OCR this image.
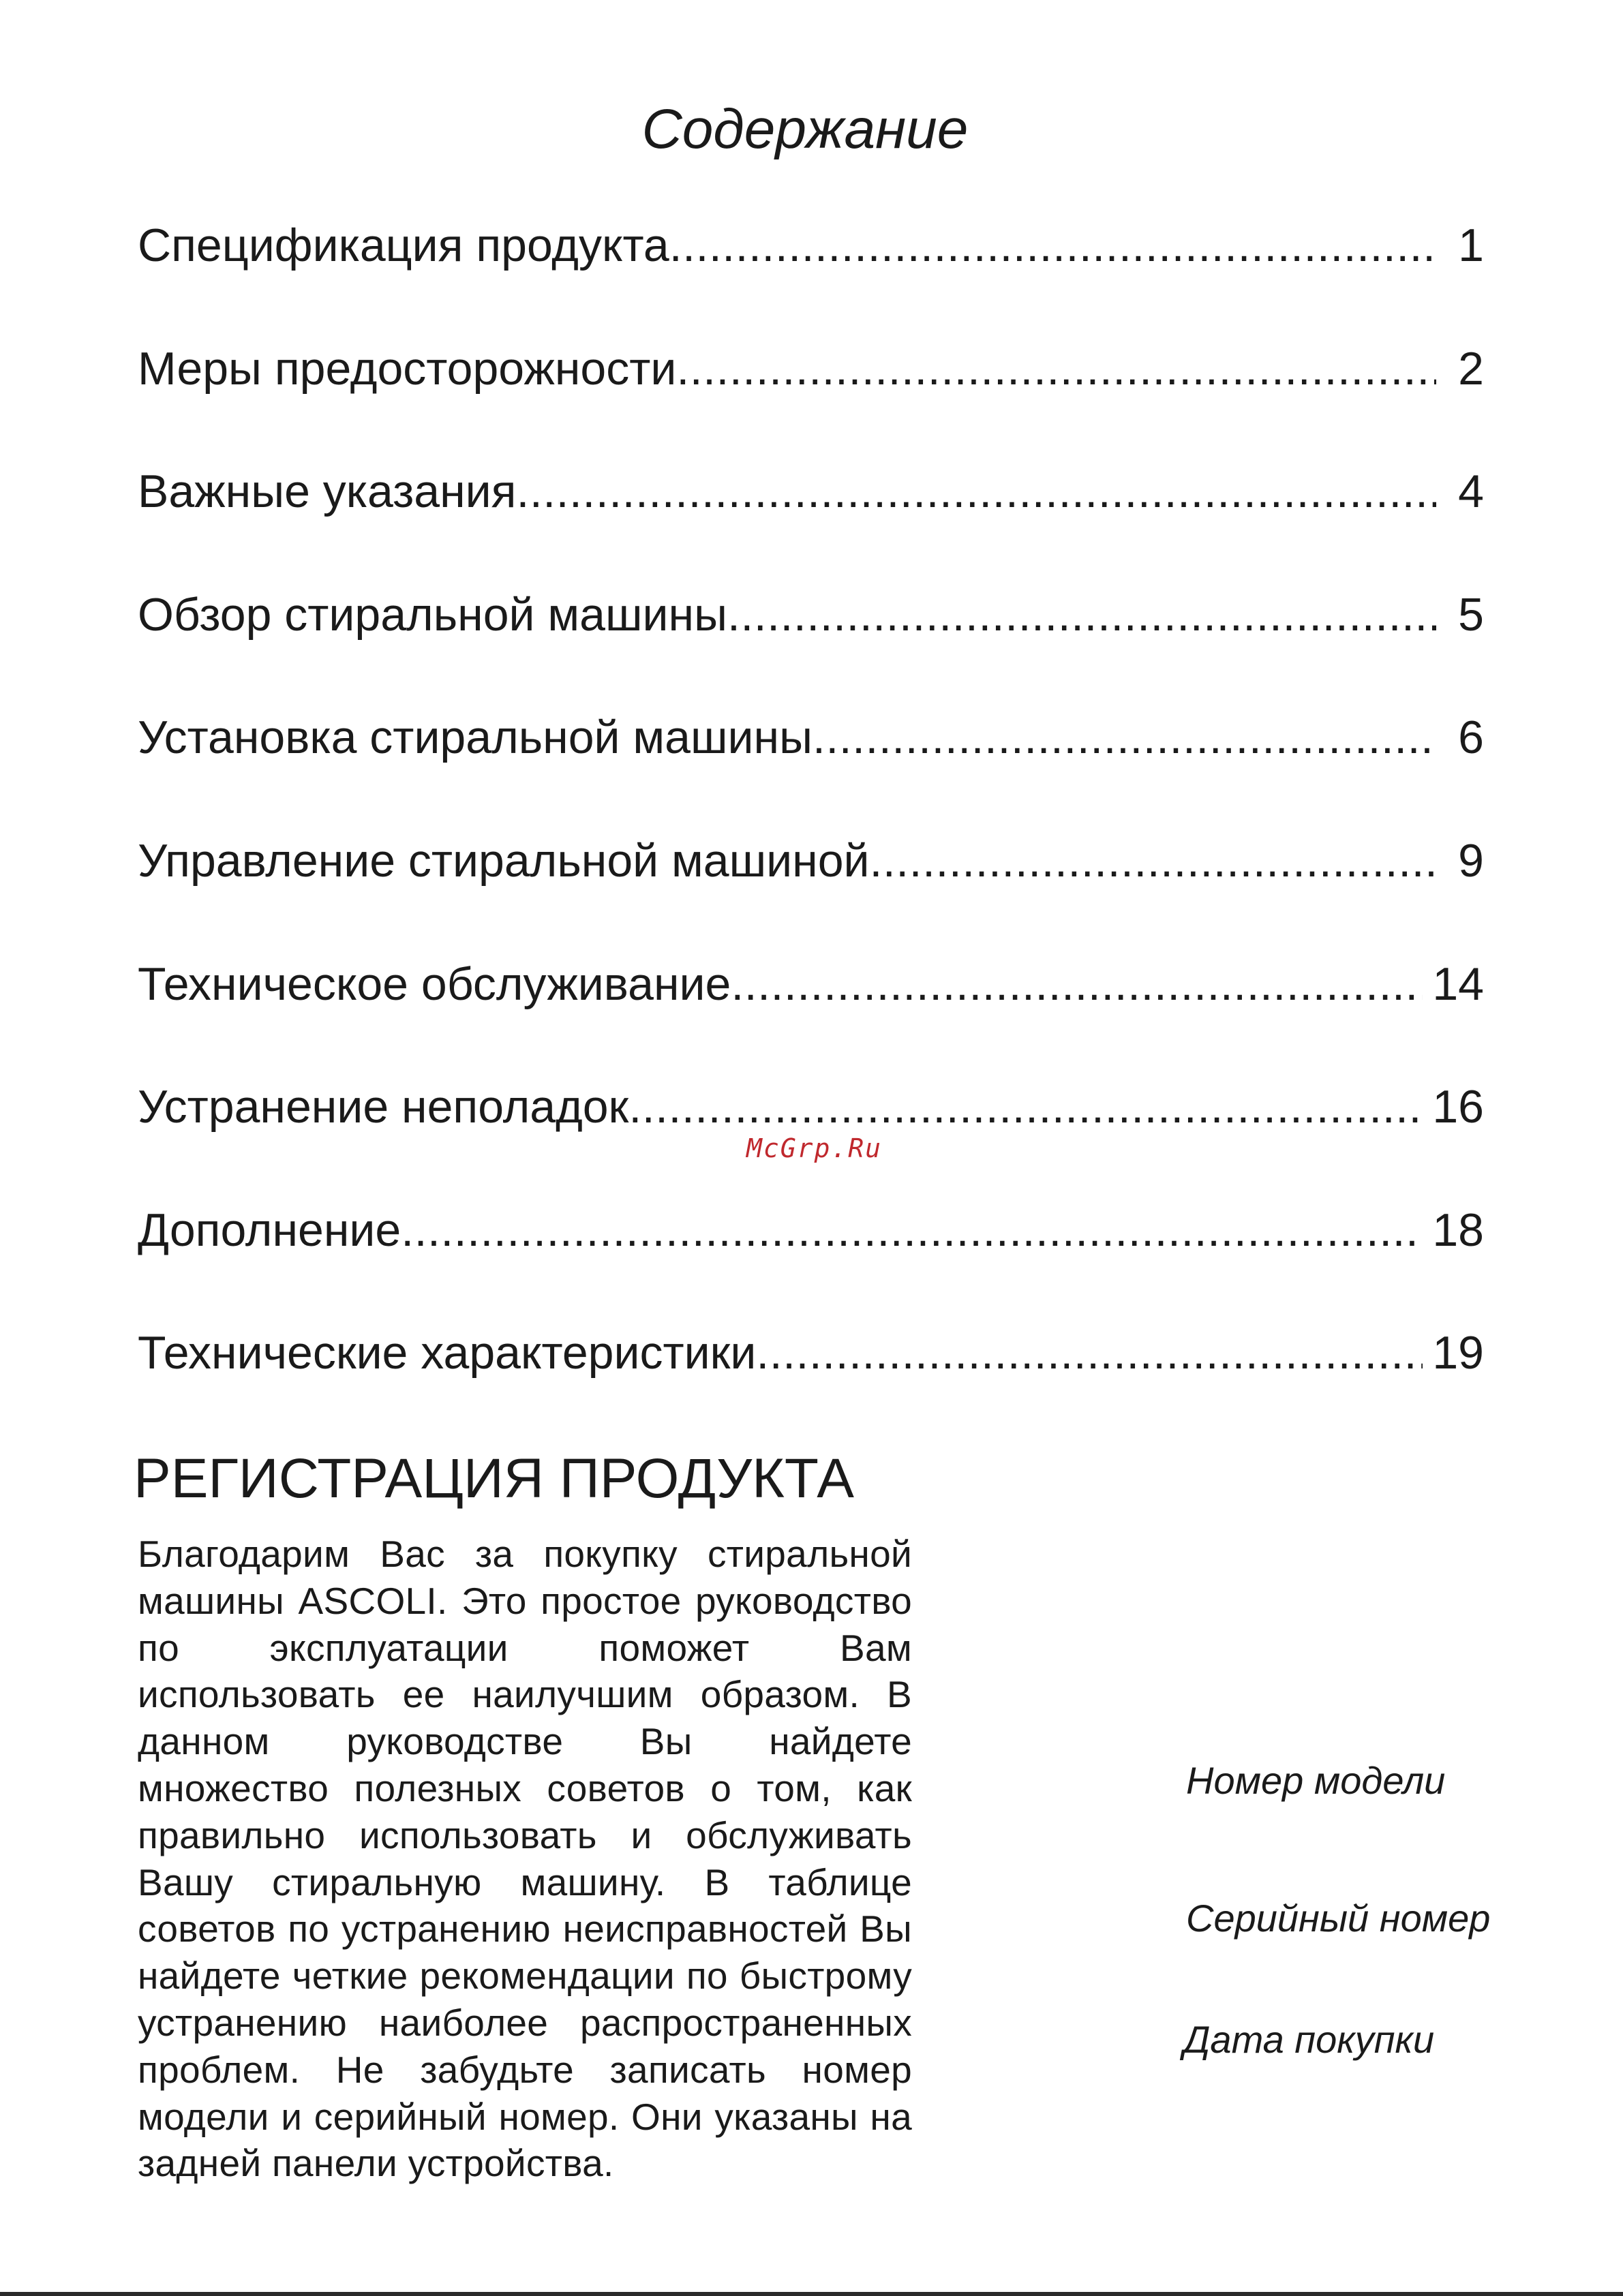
Содержание
Спецификация продукта .....	1
Меры предосторожности .....	2
Важные указания .....	4
Обзор стиральной машины .....	5
Установка стиральной машины .....	6
Управление стиральной машиной .....	9
Техническое обслуживание .....	14
Устранение неполадок .....	16
Дополнение .....	18
Технические характеристики .....	19
McGrp.Ru
РЕГИСТРАЦИЯ ПРОДУКТА
Благодарим Вас за покупку стиральной машины ASCOLI. Это простое руководство по эксплуатации поможет Вам использовать ее наилучшим образом. В данном руководстве Вы найдете множество полезных советов о том, как правильно использовать и обслуживать Вашу стиральную машину. В таблице советов по устранению неисправностей Вы найдете четкие рекомендации по быстрому устранению наиболее распространенных проблем. Не забудьте записать номер модели и серийный номер. Они указаны на задней панели устройства.
Номер модели
Серийный номер
Дата покупки
